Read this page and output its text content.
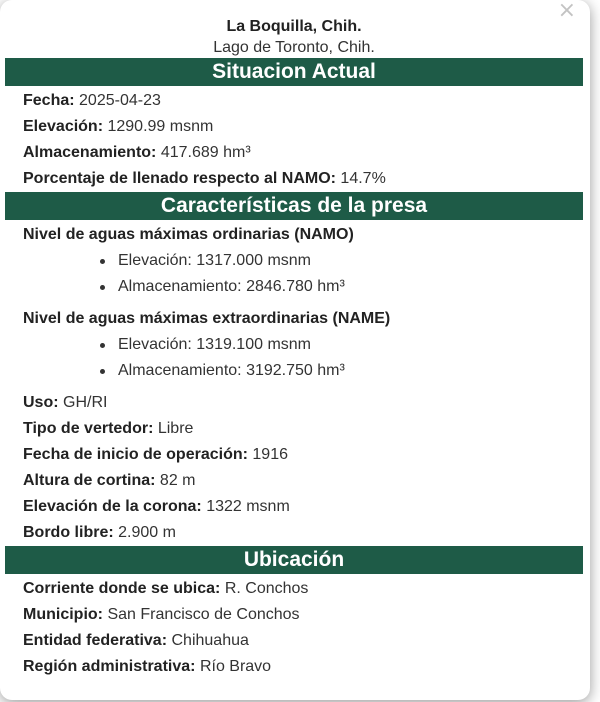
×
La Boquilla, Chih.
Lago de Toronto, Chih.
Situacion Actual
Fecha: 2025-04-23
Elevación: 1290.99 msnm
Almacenamiento: 417.689 hm³
Porcentaje de llenado respecto al NAMO: 14.7%
Características de la presa
Nivel de aguas máximas ordinarias (NAMO)
Elevación: 1317.000 msnm
Almacenamiento: 2846.780 hm³
Nivel de aguas máximas extraordinarias (NAME)
Elevación: 1319.100 msnm
Almacenamiento: 3192.750 hm³
Uso: GH/RI
Tipo de vertedor: Libre
Fecha de inicio de operación: 1916
Altura de cortina: 82 m
Elevación de la corona: 1322 msnm
Bordo libre: 2.900 m
Ubicación
Corriente donde se ubica: R. Conchos
Municipio: San Francisco de Conchos
Entidad federativa: Chihuahua
Región administrativa: Río Bravo
